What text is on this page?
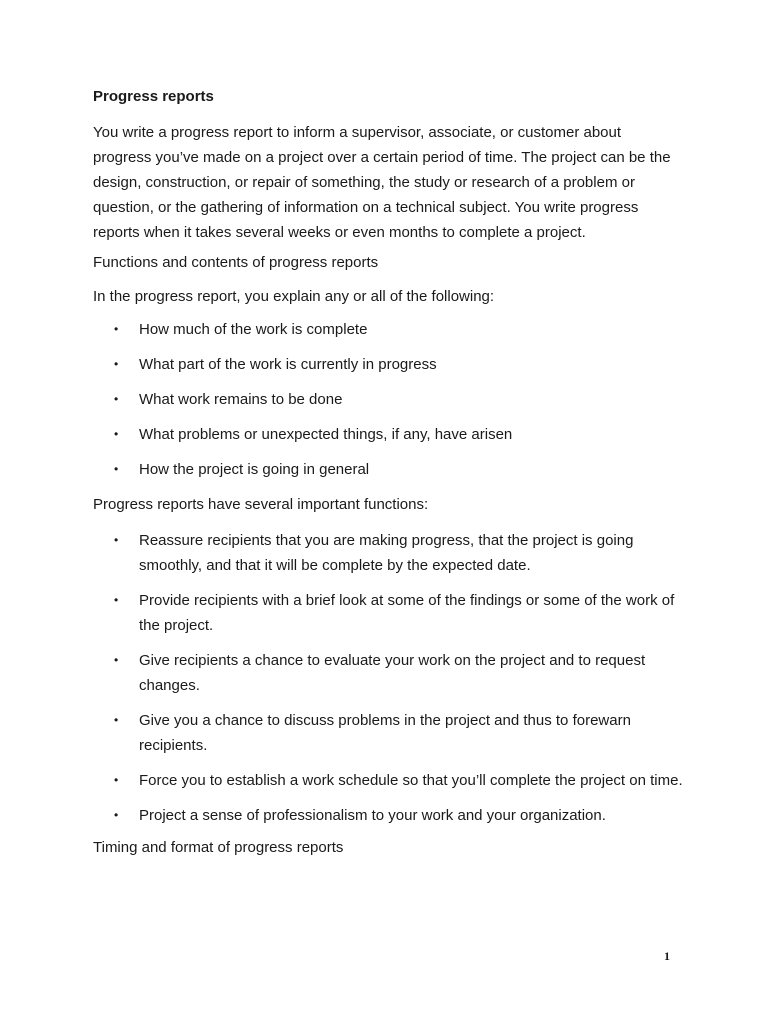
Progress reports
You write a progress report to inform a supervisor, associate, or customer about progress you’ve made on a project over a certain period of time. The project can be the design, construction, or repair of something, the study or research of a problem or question, or the gathering of information on a technical subject. You write progress reports when it takes several weeks or even months to complete a project.
Functions and contents of progress reports
In the progress report, you explain any or all of the following:
• How much of the work is complete
• What part of the work is currently in progress
• What work remains to be done
• What problems or unexpected things, if any, have arisen
• How the project is going in general
Progress reports have several important functions:
• Reassure recipients that you are making progress, that the project is going smoothly, and that it will be complete by the expected date.
• Provide recipients with a brief look at some of the findings or some of the work of the project.
• Give recipients a chance to evaluate your work on the project and to request changes.
• Give you a chance to discuss problems in the project and thus to forewarn recipients.
• Force you to establish a work schedule so that you’ll complete the project on time.
• Project a sense of professionalism to your work and your organization.
Timing and format of progress reports
1
